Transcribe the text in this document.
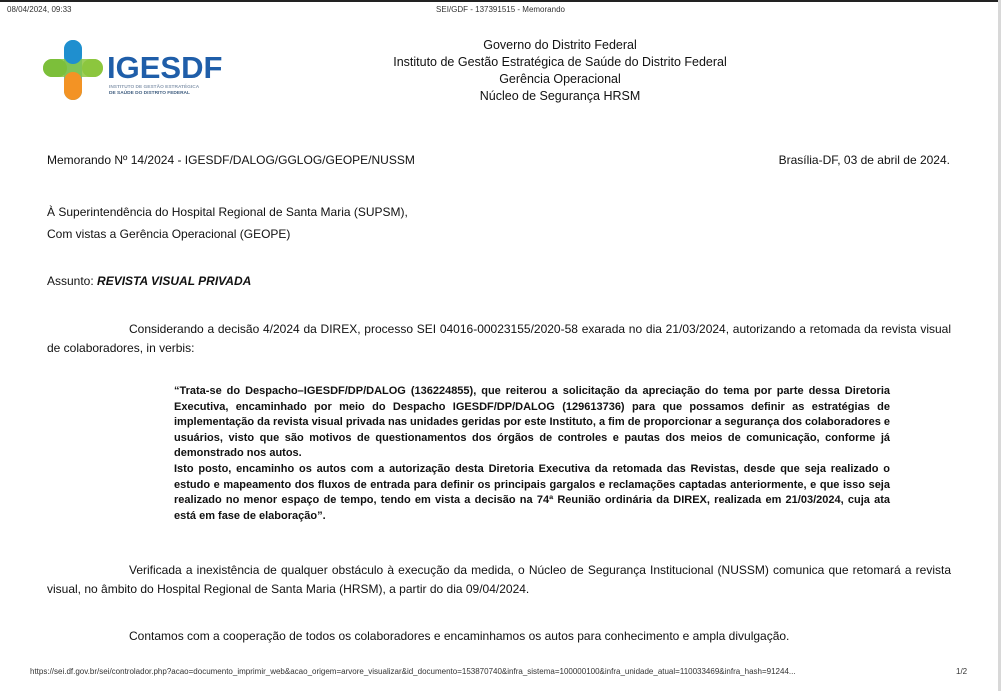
08/04/2024, 09:33	SEI/GDF - 137391515 - Memorando
IGESDF
INSTITUTO DE GESTÃO ESTRATÉGICA
DE SAÚDE DO DISTRITO FEDERAL
Governo do Distrito Federal
Instituto de Gestão Estratégica de Saúde do Distrito Federal
Gerência Operacional
Núcleo de Segurança HRSM
Memorando Nº 14/2024 - IGESDF/DALOG/GGLOG/GEOPE/NUSSM	Brasília-DF, 03 de abril de 2024.
À Superintendência do Hospital Regional de Santa Maria (SUPSM),
Com vistas a Gerência Operacional (GEOPE)
Assunto: REVISTA VISUAL PRIVADA
Considerando a decisão 4/2024 da DIREX, processo SEI 04016-00023155/2020-58 exarada no dia 21/03/2024, autorizando a retomada da revista visual de colaboradores, in verbis:

“Trata-se do Despacho–IGESDF/DP/DALOG (136224855), que reiterou a solicitação da apreciação do tema por parte dessa Diretoria Executiva, encaminhado por meio do Despacho IGESDF/DP/DALOG (129613736) para que possamos definir as estratégias de implementação da revista visual privada nas unidades geridas por este Instituto, a fim de proporcionar a segurança dos colaboradores e usuários, visto que são motivos de questionamentos dos órgãos de controles e pautas dos meios de comunicação, conforme já demonstrado nos autos.

Isto posto, encaminho os autos com a autorização desta Diretoria Executiva da retomada das Revistas, desde que seja realizado o estudo e mapeamento dos fluxos de entrada para definir os principais gargalos e reclamações captadas anteriormente, e que isso seja realizado no menor espaço de tempo, tendo em vista a decisão na 74ª Reunião ordinária da DIREX, realizada em 21/03/2024, cuja ata está em fase de elaboração”.

Verificada a inexistência de qualquer obstáculo à execução da medida, o Núcleo de Segurança Institucional (NUSSM) comunica que retomará a revista visual, no âmbito do Hospital Regional de Santa Maria (HRSM), a partir do dia 09/04/2024.
Contamos com a cooperação de todos os colaboradores e encaminhamos os autos para conhecimento e ampla divulgação.
https://sei.df.gov.br/sei/controlador.php?acao=documento_imprimir_web&acao_origem=arvore_visualizar&id_documento=153870740&infra_sistema=100000100&infra_unidade_atual=110033469&infra_hash=91244...	1/2
